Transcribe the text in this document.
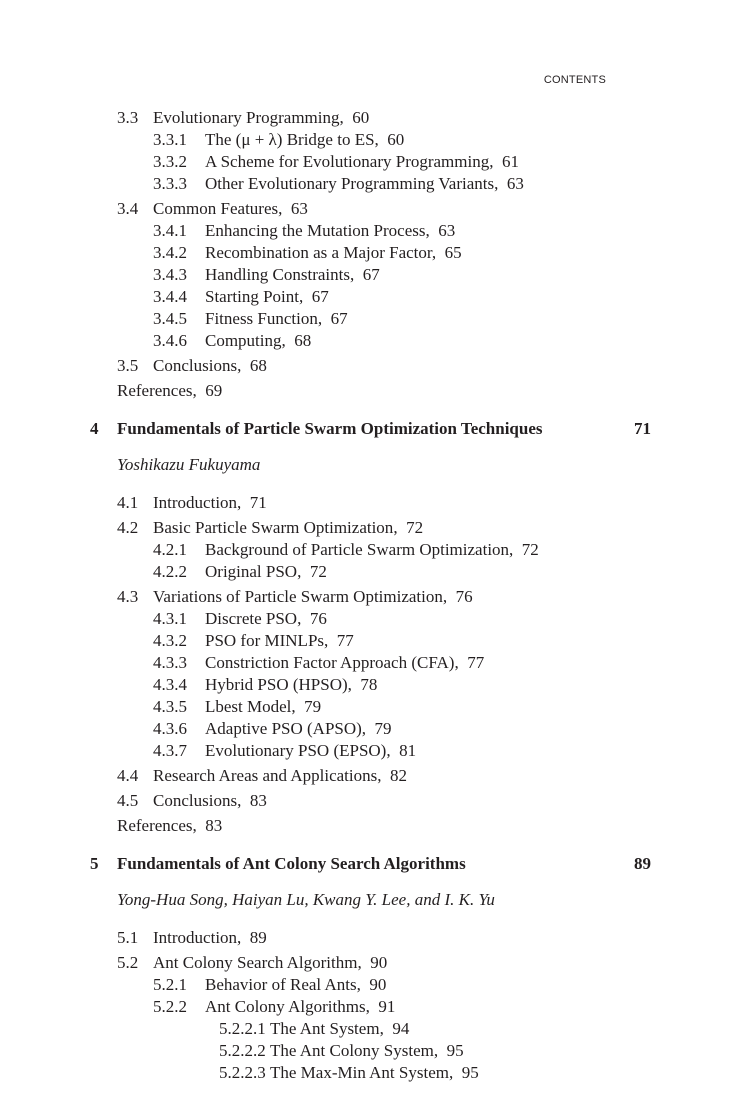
CONTENTS
3.3 Evolutionary Programming, 60
3.3.1 The (μ + λ) Bridge to ES, 60
3.3.2 A Scheme for Evolutionary Programming, 61
3.3.3 Other Evolutionary Programming Variants, 63
3.4 Common Features, 63
3.4.1 Enhancing the Mutation Process, 63
3.4.2 Recombination as a Major Factor, 65
3.4.3 Handling Constraints, 67
3.4.4 Starting Point, 67
3.4.5 Fitness Function, 67
3.4.6 Computing, 68
3.5 Conclusions, 68
References, 69
4 Fundamentals of Particle Swarm Optimization Techniques	71
Yoshikazu Fukuyama
4.1 Introduction, 71
4.2 Basic Particle Swarm Optimization, 72
4.2.1 Background of Particle Swarm Optimization, 72
4.2.2 Original PSO, 72
4.3 Variations of Particle Swarm Optimization, 76
4.3.1 Discrete PSO, 76
4.3.2 PSO for MINLPs, 77
4.3.3 Constriction Factor Approach (CFA), 77
4.3.4 Hybrid PSO (HPSO), 78
4.3.5 Lbest Model, 79
4.3.6 Adaptive PSO (APSO), 79
4.3.7 Evolutionary PSO (EPSO), 81
4.4 Research Areas and Applications, 82
4.5 Conclusions, 83
References, 83
5 Fundamentals of Ant Colony Search Algorithms	89
Yong-Hua Song, Haiyan Lu, Kwang Y. Lee, and I. K. Yu
5.1 Introduction, 89
5.2 Ant Colony Search Algorithm, 90
5.2.1 Behavior of Real Ants, 90
5.2.2 Ant Colony Algorithms, 91
5.2.2.1 The Ant System, 94
5.2.2.2 The Ant Colony System, 95
5.2.2.3 The Max-Min Ant System, 95
